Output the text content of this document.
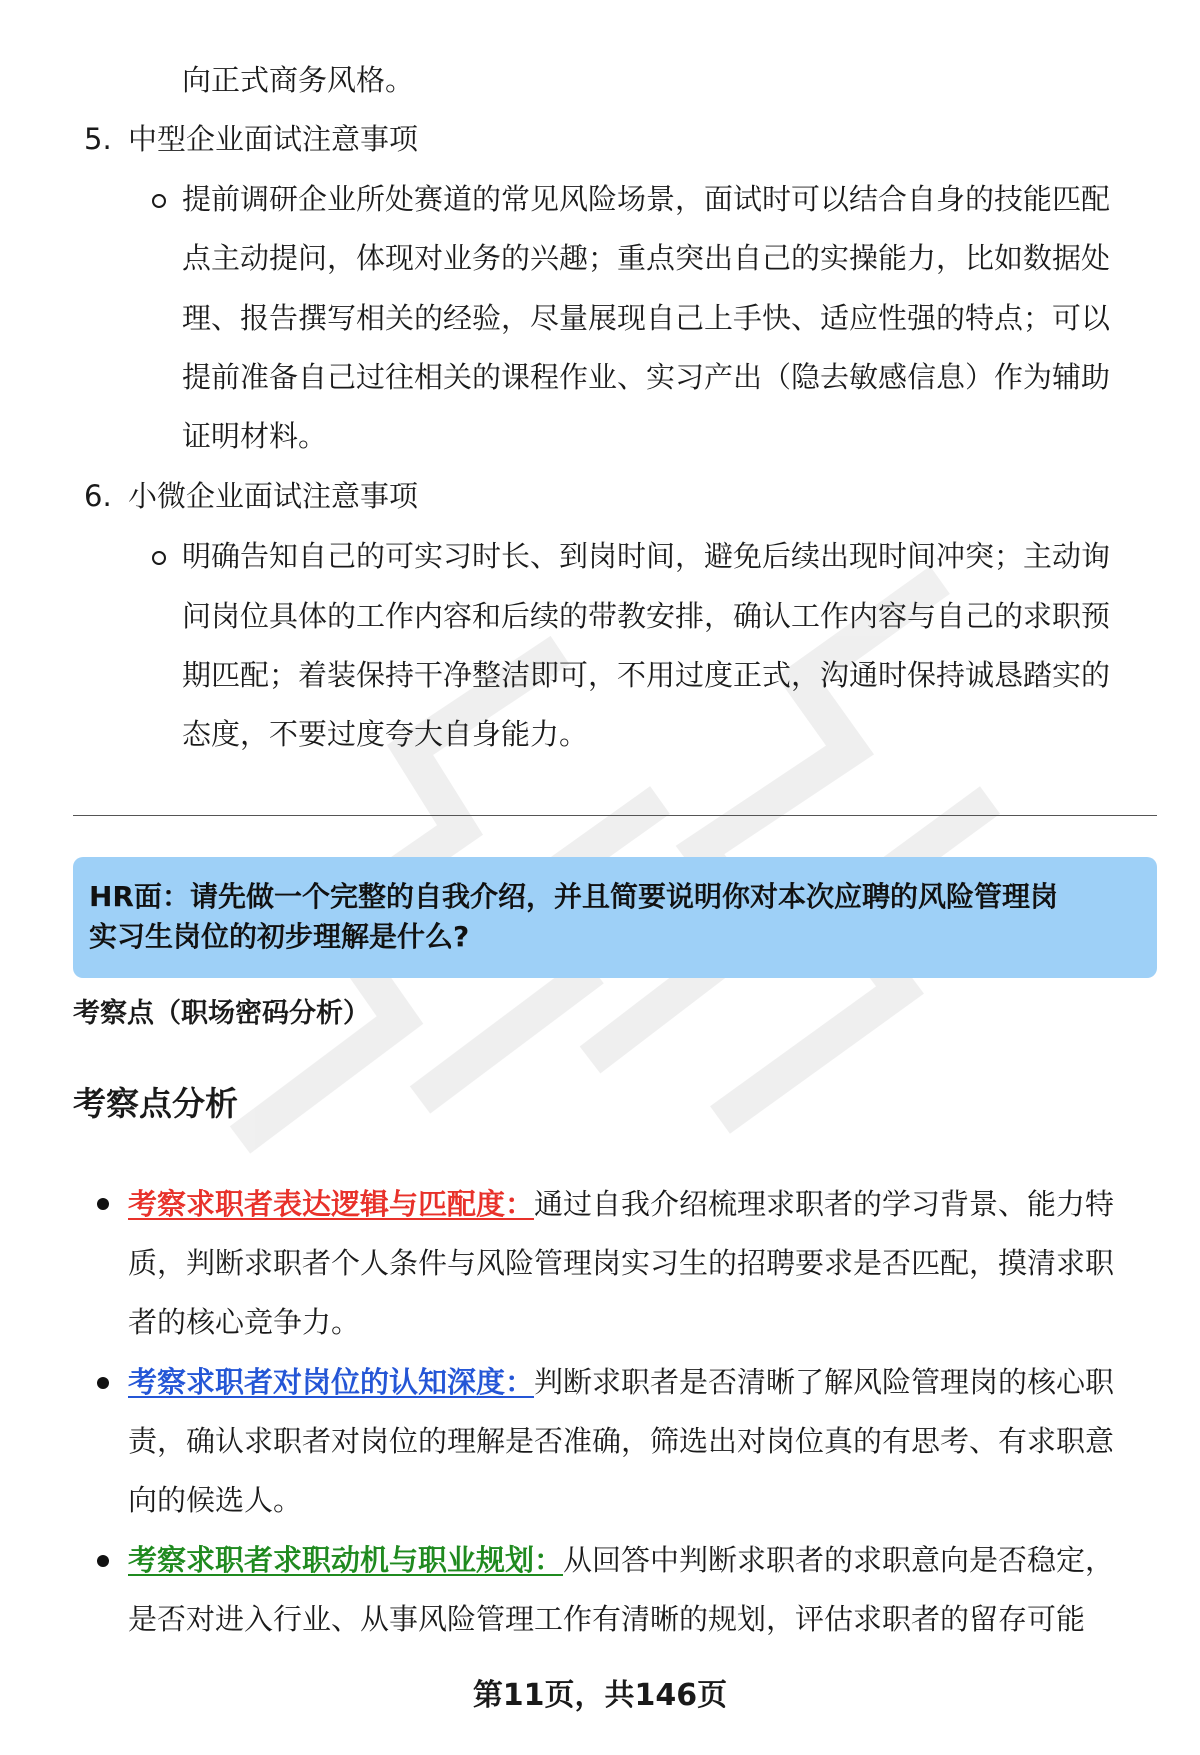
向正式商务风格。
5. 中型企业面试注意事项
提前调研企业所处赛道的常见风险场景，面试时可以结合自身的技能匹配
点主动提问，体现对业务的兴趣；重点突出自己的实操能力，比如数据处
理、报告撰写相关的经验，尽量展现自己上手快、适应性强的特点；可以
提前准备自己过往相关的课程作业、实习产出（隐去敏感信息）作为辅助
证明材料。
6. 小微企业面试注意事项
明确告知自己的可实习时长、到岗时间，避免后续出现时间冲突；主动询
问岗位具体的工作内容和后续的带教安排，确认工作内容与自己的求职预
期匹配；着装保持干净整洁即可，不用过度正式，沟通时保持诚恳踏实的
态度，不要过度夸大自身能力。
HR面：请先做一个完整的自我介绍，并且简要说明你对本次应聘的风险管理岗
实习生岗位的初步理解是什么?
考察点（职场密码分析）
考察点分析
考察求职者表达逻辑与匹配度：通过自我介绍梳理求职者的学习背景、能力特
质，判断求职者个人条件与风险管理岗实习生的招聘要求是否匹配，摸清求职
者的核心竞争力。
考察求职者对岗位的认知深度：判断求职者是否清晰了解风险管理岗的核心职
责，确认求职者对岗位的理解是否准确，筛选出对岗位真的有思考、有求职意
向的候选人。
考察求职者求职动机与职业规划：从回答中判断求职者的求职意向是否稳定，
是否对进入行业、从事风险管理工作有清晰的规划，评估求职者的留存可能
第11页，共146页
